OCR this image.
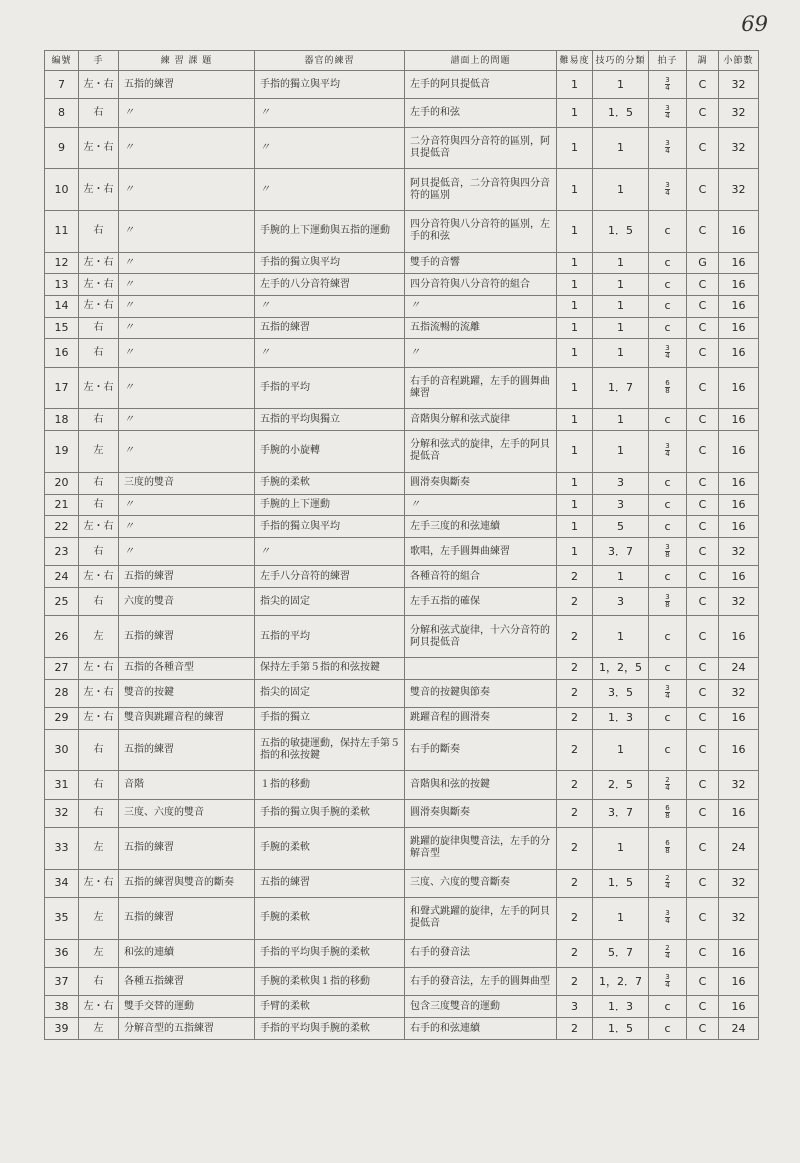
69
編號	手	練 習 課 題	器官的練習	譜面上的問題	難易度	技巧的分類	拍子	調	小節數
7	左・右	五指的練習	手指的獨立與平均	左手的阿貝提低音	1	1	$\frac{3}{4}$	C	32
8	右	〃	〃	左手的和弦	1	1．5	$\frac{3}{4}$	C	32
9	左・右	〃	〃	二分音符與四分音符的區別，阿貝提低音	1	1	$\frac{3}{4}$	C	32
10	左・右	〃	〃	阿貝提低音，二分音符與四分音符的區別	1	1	$\frac{3}{4}$	C	32
11	右	〃	手腕的上下運動與五指的運動	四分音符與八分音符的區別，左手的和弦	1	1．5	c	C	16
12	左・右	〃	手指的獨立與平均	雙手的音響	1	1	c	G	16
13	左・右	〃	左手的八分音符練習	四分音符與八分音符的組合	1	1	c	C	16
14	左・右	〃	〃	〃	1	1	c	C	16
15	右	〃	五指的練習	五指流暢的流離	1	1	c	C	16
16	右	〃	〃	〃	1	1	$\frac{3}{4}$	C	16
17	左・右	〃	手指的平均	右手的音程跳躍，左手的圓舞曲練習	1	1．7	$\frac{6}{8}$	C	16
18	右	〃	五指的平均與獨立	音階與分解和弦式旋律	1	1	c	C	16
19	左	〃	手腕的小旋轉	分解和弦式的旋律，左手的阿貝提低音	1	1	$\frac{3}{4}$	C	16
20	右	三度的雙音	手腕的柔軟	圓滑奏與斷奏	1	3	c	C	16
21	右	〃	手腕的上下運動	〃	1	3	c	C	16
22	左・右	〃	手指的獨立與平均	左手三度的和弦連續	1	5	c	C	16
23	右	〃	〃	歌唱，左手圓舞曲練習	1	3．7	$\frac{3}{8}$	C	32
24	左・右	五指的練習	左手八分音符的練習	各種音符的組合	2	1	c	C	16
25	右	六度的雙音	指尖的固定	左手五指的確保	2	3	$\frac{3}{8}$	C	32
26	左	五指的練習	五指的平均	分解和弦式旋律，十六分音符的阿貝提低音	2	1	c	C	16
27	左・右	五指的各種音型	保持左手第５指的和弦按鍵		2	1，2，5	c	C	24
28	左・右	雙音的按鍵	指尖的固定	雙音的按鍵與節奏	2	3．5	$\frac{3}{4}$	C	32
29	左・右	雙音與跳躍音程的練習	手指的獨立	跳躍音程的圓滑奏	2	1．3	c	C	16
30	右	五指的練習	五指的敏捷運動，保持左手第５指的和弦按鍵	右手的斷奏	2	1	c	C	16
31	右	音階	１指的移動	音階與和弦的按鍵	2	2．5	$\frac{2}{4}$	C	32
32	右	三度、六度的雙音	手指的獨立與手腕的柔軟	圓滑奏與斷奏	2	3．7	$\frac{6}{8}$	C	16
33	左	五指的練習	手腕的柔軟	跳躍的旋律與雙音法，左手的分解音型	2	1	$\frac{6}{8}$	C	24
34	左・右	五指的練習與雙音的斷奏	五指的練習	三度、六度的雙音斷奏	2	1．5	$\frac{2}{4}$	C	32
35	左	五指的練習	手腕的柔軟	和聲式跳躍的旋律，左手的阿貝提低音	2	1	$\frac{3}{4}$	C	32
36	左	和弦的連續	手指的平均與手腕的柔軟	右手的發音法	2	5．7	$\frac{2}{4}$	C	16
37	右	各種五指練習	手腕的柔軟與１指的移動	右手的發音法，左手的圓舞曲型	2	1，2．7	$\frac{3}{4}$	C	16
38	左・右	雙手交替的運動	手臂的柔軟	包含三度雙音的運動	3	1．3	c	C	16
39	左	分解音型的五指練習	手指的平均與手腕的柔軟	右手的和弦連續	2	1．5	c	C	24
